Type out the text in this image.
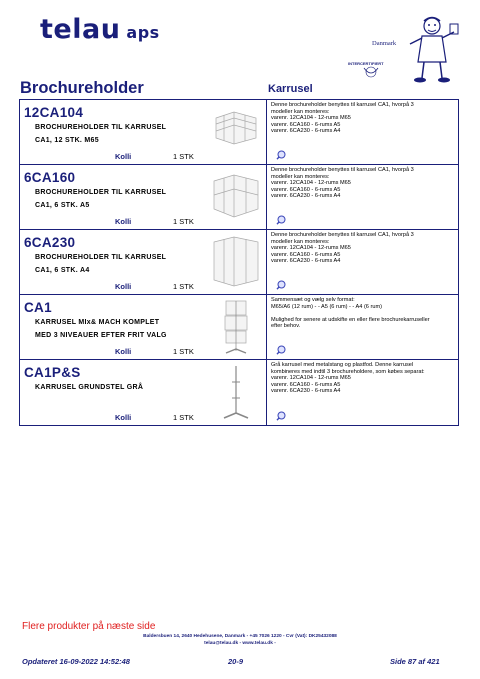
telau aps
Danmark
INTERCERTIFIERT
Brochureholder	Karrusel
12CA104
BROCHUREHOLDER TIL KARRUSEL
CA1, 12 STK. M65
Kolli	1 STK
Denne brochureholder benyttes til karrusel CA1, hvorpå 3
modeller kan monteres:
varenr. 12CA104 - 12-rums M65
varenr. 6CA160 - 6-rums A5
varenr. 6CA230 - 6-rums A4
6CA160
BROCHUREHOLDER TIL KARRUSEL
CA1, 6 STK. A5
Kolli	1 STK
Denne brochureholder benyttes til karrusel CA1, hvorpå 3
modeller kan monteres:
varenr. 12CA104 - 12-rums M65
varenr. 6CA160 - 6-rums A5
varenr. 6CA230 - 6-rums A4
6CA230
BROCHUREHOLDER TIL KARRUSEL
CA1, 6 STK. A4
Kolli	1 STK
Denne brochureholder benyttes til karrusel CA1, hvorpå 3
modeller kan monteres:
varenr. 12CA104 - 12-rums M65
varenr. 6CA160 - 6-rums A5
varenr. 6CA230 - 6-rums A4
CA1
KARRUSEL MIx& MACH KOMPLET
MED 3 NIVEAUER EFTER FRIT VALG
Kolli	1 STK
Sammensæt og vælg selv format:
M65/A6 (12 rum) - - A5 (6 rum) - - A4 (6 rum)

Mulighed for senere at udskifte en eller flere brochurekarruseller
efter behov.
CA1P&S
KARRUSEL GRUNDSTEL GRÅ
Kolli	1 STK
Grå karrusel med metalstang og plastfod. Denne karrusel
kombineres med indtil 3 brochureholdere, som købes separat:
varenr. 12CA104 - 12-rums M65
varenr. 6CA160 - 6-rums A5
varenr. 6CA230 - 6-rums A4
Flere produkter på næste side
Baldersbuen 14, 2640 Hedehusene, Danmark - +45 7026 1220 - Cvr (Vat): DK25432088
telau@telau.dk - www.telau.dk -
Opdateret 16-09-2022 14:52:48	20-9	Side 87 af 421
